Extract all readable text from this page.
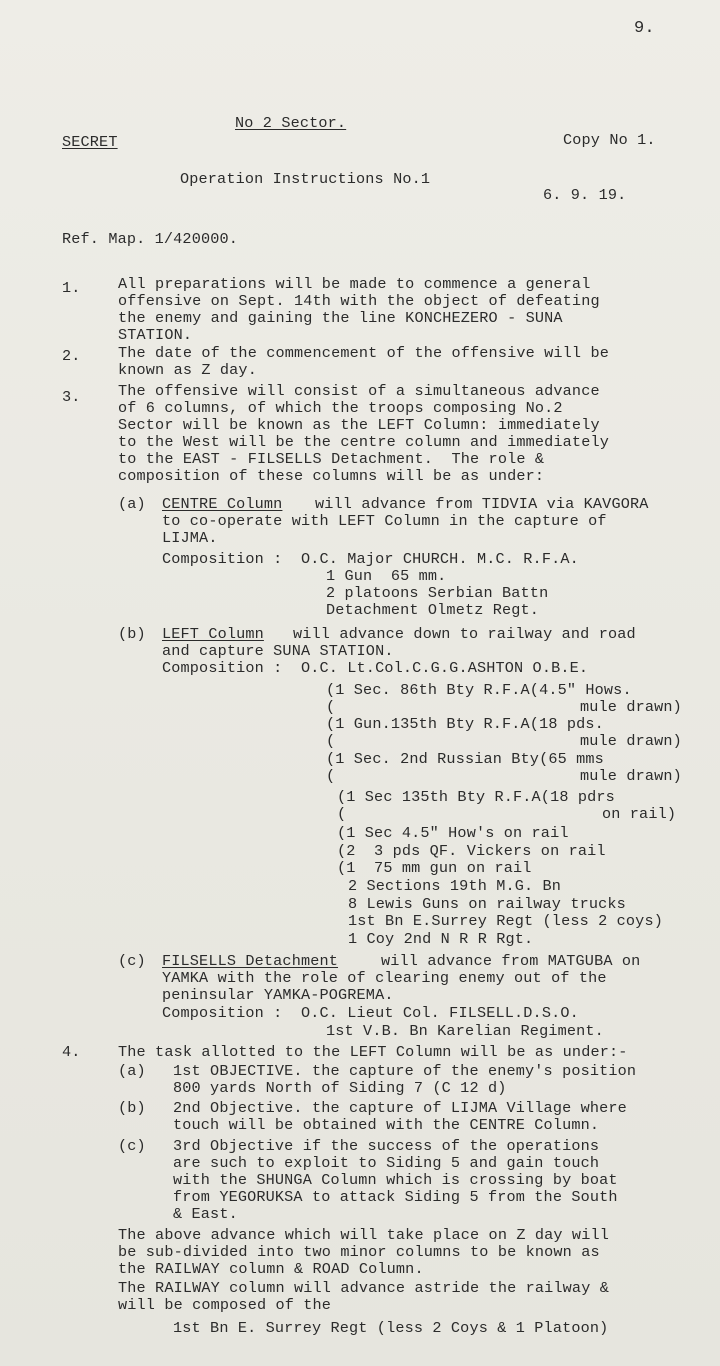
9.
No 2 Sector.
SECRET	Copy No 1.
Operation Instructions No.1
6. 9. 19.
Ref. Map. 1/420000.
1. All preparations will be made to commence a general
offensive on Sept. 14th with the object of defeating
the enemy and gaining the line KONCHEZERO - SUNA
STATION.
2. The date of the commencement of the offensive will be
known as Z day.
3. The offensive will consist of a simultaneous advance
of 6 columns, of which the troops composing No.2
Sector will be known as the LEFT Column: immediately
to the West will be the centre column and immediately
to the EAST - FILSELLS Detachment.  The role &
composition of these columns will be as under:
(a) CENTRE Column will advance from TIDVIA via KAVGORA
to co-operate with LEFT Column in the capture of
LIJMA.
Composition :  O.C. Major CHURCH. M.C. R.F.A.
1 Gun  65 mm.
2 platoons Serbian Battn
Detachment Olmetz Regt.
(b) LEFT Column will advance down to railway and road
and capture SUNA STATION.
Composition :  O.C. Lt.Col.C.G.G.ASHTON O.B.E.
(1 Sec. 86th Bty R.F.A(4.5" Hows.
(	mule drawn)
(1 Gun.135th Bty R.F.A(18 pds.
(	mule drawn)
(1 Sec. 2nd Russian Bty(65 mms
(	mule drawn)
(1 Sec 135th Bty R.F.A(18 pdrs
(	on rail)
(1 Sec 4.5" How's on rail
(2  3 pds QF. Vickers on rail
(1  75 mm gun on rail
2 Sections 19th M.G. Bn
8 Lewis Guns on railway trucks
1st Bn E.Surrey Regt (less 2 coys)
1 Coy 2nd N R R Rgt.
(c) FILSELLS Detachment	will advance from MATGUBA on
YAMKA with the role of clearing enemy out of the
peninsular YAMKA-POGREMA.
Composition :  O.C. Lieut Col. FILSELL.D.S.O.
1st V.B. Bn Karelian Regiment.
4. The task allotted to the LEFT Column will be as under:-
(a) 1st OBJECTIVE. the capture of the enemy's position
800 yards North of Siding 7 (C 12 d)
(b) 2nd Objective. the capture of LIJMA Village where
touch will be obtained with the CENTRE Column.
(c) 3rd Objective if the success of the operations
are such to exploit to Siding 5 and gain touch
with the SHUNGA Column which is crossing by boat
from YEGORUKSA to attack Siding 5 from the South
& East.
The above advance which will take place on Z day will
be sub-divided into two minor columns to be known as
the RAILWAY column & ROAD Column.
The RAILWAY column will advance astride the railway &
will be composed of the
1st Bn E. Surrey Regt (less 2 Coys & 1 Platoon)
